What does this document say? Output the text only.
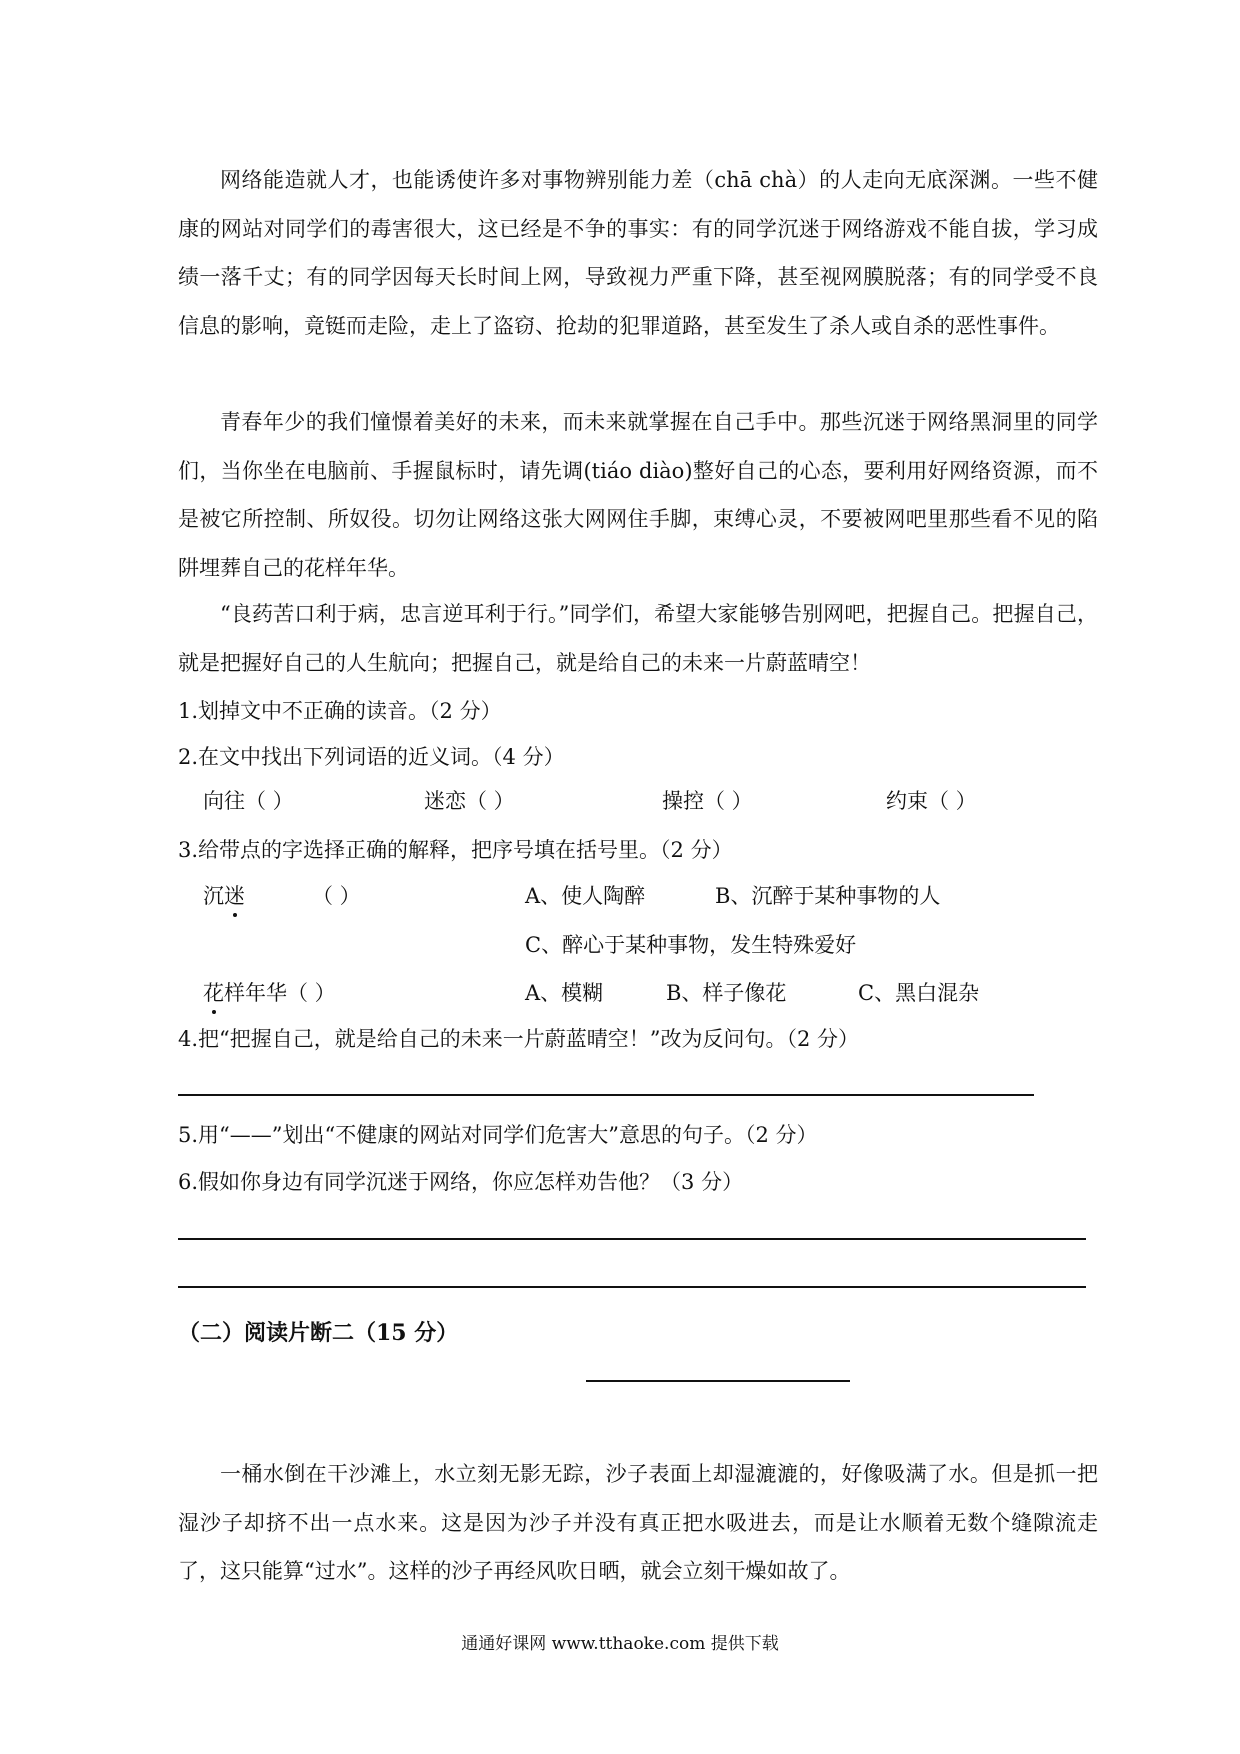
网络能造就人才，也能诱使许多对事物辨别能力差（chā chà）的人走向无底深渊。一些不健康的网站对同学们的毒害很大，这已经是不争的事实：有的同学沉迷于网络游戏不能自拔，学习成绩一落千丈；有的同学因每天长时间上网，导致视力严重下降，甚至视网膜脱落；有的同学受不良信息的影响，竟铤而走险，走上了盗窃、抢劫的犯罪道路，甚至发生了杀人或自杀的恶性事件。

青春年少的我们憧憬着美好的未来，而未来就掌握在自己手中。那些沉迷于网络黑洞里的同学们，当你坐在电脑前、手握鼠标时，请先调(tiáo diào)整好自己的心态，要利用好网络资源，而不是被它所控制、所奴役。切勿让网络这张大网网住手脚，束缚心灵，不要被网吧里那些看不见的陷阱埋葬自己的花样年华。

“良药苦口利于病，忠言逆耳利于行。”同学们，希望大家能够告别网吧，把握自己。把握自己，就是把握好自己的人生航向；把握自己，就是给自己的未来一片蔚蓝晴空！

1.划掉文中不正确的读音。（2 分）
2.在文中找出下列词语的近义词。（4 分）
向往（ ）	迷恋（ ）	操控（ ）	约束（ ）
3.给带点的字选择正确的解释，把序号填在括号里。（2 分）
沉迷	（ ）	A、使人陶醉	B、沉醉于某种事物的人
C、醉心于某种事物，发生特殊爱好
花样年华（ ）	A、模糊	B、样子像花	C、黑白混杂
4.把“把握自己，就是给自己的未来一片蔚蓝晴空！”改为反问句。（2 分）
5.用“——”划出“不健康的网站对同学们危害大”意思的句子。（2 分）
6.假如你身边有同学沉迷于网络，你应怎样劝告他？（3 分）
（二）阅读片断二（15 分）

一桶水倒在干沙滩上，水立刻无影无踪，沙子表面上却湿漉漉的，好像吸满了水。但是抓一把湿沙子却挤不出一点水来。这是因为沙子并没有真正把水吸进去，而是让水顺着无数个缝隙流走了，这只能算“过水”。这样的沙子再经风吹日晒，就会立刻干燥如故了。

通通好课网 www.tthaoke.com 提供下载
